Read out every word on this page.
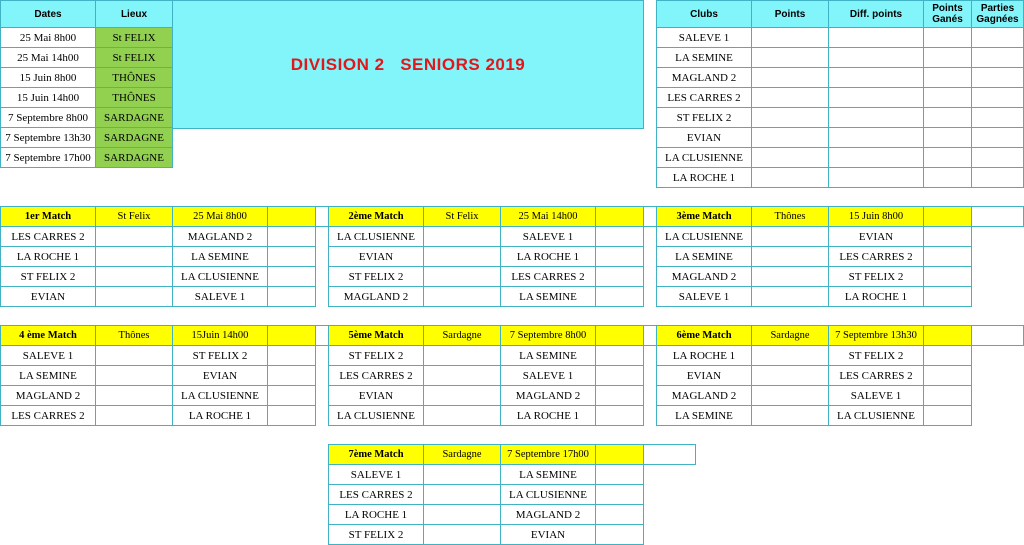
Dates	Lieux
25 Mai 8h00	St FELIX
25 Mai 14h00	St FELIX
15 Juin 8h00	THÔNES
15 Juin 14h00	THÔNES
7 Septembre 8h00	SARDAGNE
7 Septembre 13h30	SARDAGNE
7 Septembre 17h00	SARDAGNE
DIVISION 2   SENIORS 2019
Clubs	Points	Diff. points	Points Ganés	Parties Gagnées
SALEVE 1				
LA SEMINE				
MAGLAND 2				
LES CARRES 2				
ST FELIX 2				
EVIAN				
LA CLUSIENNE				
LA ROCHE 1				
1er Match	St Felix	25 Mai 8h00		
LES CARRES 2		MAGLAND 2		
LA ROCHE 1		LA SEMINE		
ST FELIX 2		LA CLUSIENNE		
EVIAN		SALEVE 1		
2ème Match	St Felix	25 Mai 14h00		
LA CLUSIENNE		SALEVE 1		
EVIAN		LA ROCHE 1		
ST FELIX 2		LES CARRES 2		
MAGLAND 2		LA SEMINE		
3ème Match	Thônes	15 Juin 8h00		
LA CLUSIENNE		EVIAN		
LA SEMINE		LES CARRES 2		
MAGLAND 2		ST FELIX 2		
SALEVE 1		LA ROCHE 1		
4 ème Match	Thônes	15Juin 14h00		
SALEVE 1		ST FELIX 2		
LA SEMINE		EVIAN		
MAGLAND 2		LA CLUSIENNE		
LES CARRES 2		LA ROCHE 1		
5ème Match	Sardagne	7 Septembre 8h00		
ST FELIX 2		LA SEMINE		
LES CARRES 2		SALEVE 1		
EVIAN		MAGLAND 2		
LA CLUSIENNE		LA ROCHE 1		
6ème Match	Sardagne	7 Septembre 13h30		
LA ROCHE 1		ST FELIX 2		
EVIAN		LES CARRES 2		
MAGLAND 2		SALEVE 1		
LA SEMINE		LA CLUSIENNE		
7ème Match	Sardagne	7 Septembre 17h00		
SALEVE 1		LA SEMINE		
LES CARRES 2		LA CLUSIENNE		
LA ROCHE 1		MAGLAND 2		
ST FELIX 2		EVIAN		
